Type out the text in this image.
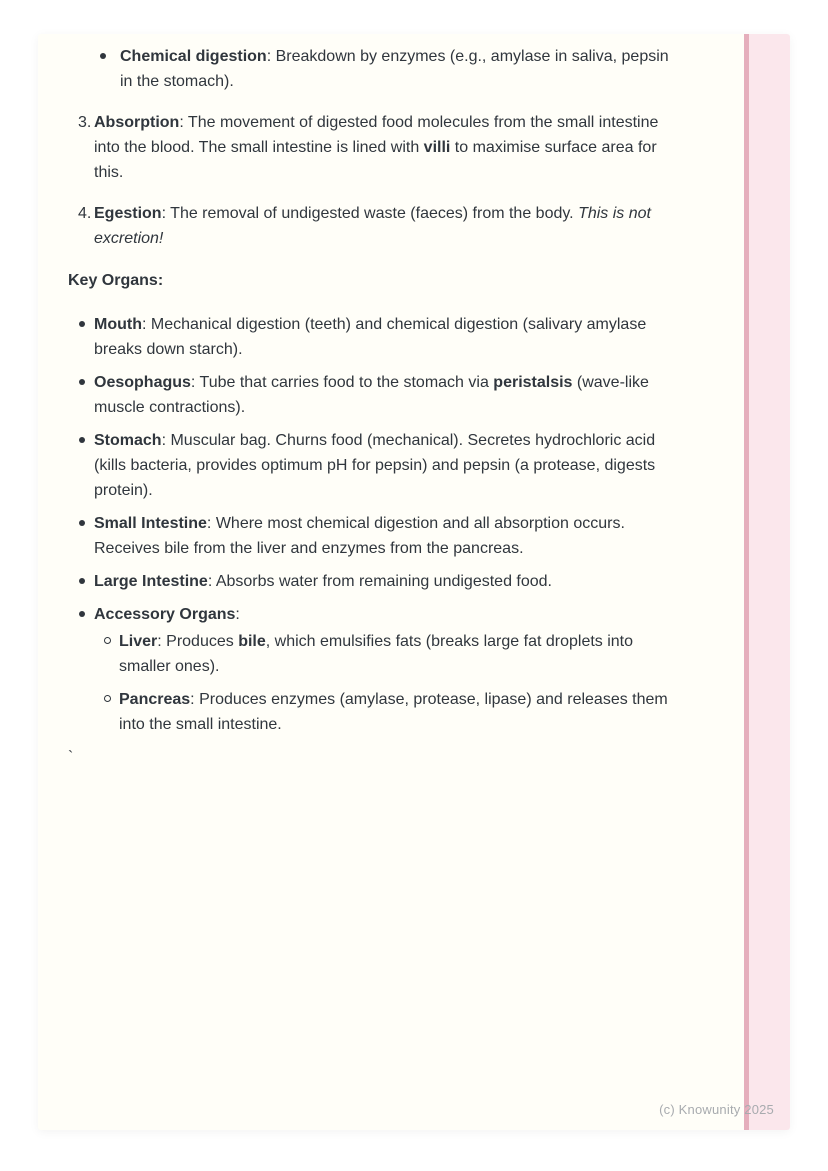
Chemical digestion: Breakdown by enzymes (e.g., amylase in saliva, pepsin in the stomach).
3. Absorption: The movement of digested food molecules from the small intestine into the blood. The small intestine is lined with villi to maximise surface area for this.
4. Egestion: The removal of undigested waste (faeces) from the body. This is not excretion!
Key Organs:
Mouth: Mechanical digestion (teeth) and chemical digestion (salivary amylase breaks down starch).
Oesophagus: Tube that carries food to the stomach via peristalsis (wave-like muscle contractions).
Stomach: Muscular bag. Churns food (mechanical). Secretes hydrochloric acid (kills bacteria, provides optimum pH for pepsin) and pepsin (a protease, digests protein).
Small Intestine: Where most chemical digestion and all absorption occurs. Receives bile from the liver and enzymes from the pancreas.
Large Intestine: Absorbs water from remaining undigested food.
Accessory Organs:
Liver: Produces bile, which emulsifies fats (breaks large fat droplets into smaller ones).
Pancreas: Produces enzymes (amylase, protease, lipase) and releases them into the small intestine.
`
(c) Knowunity 2025
